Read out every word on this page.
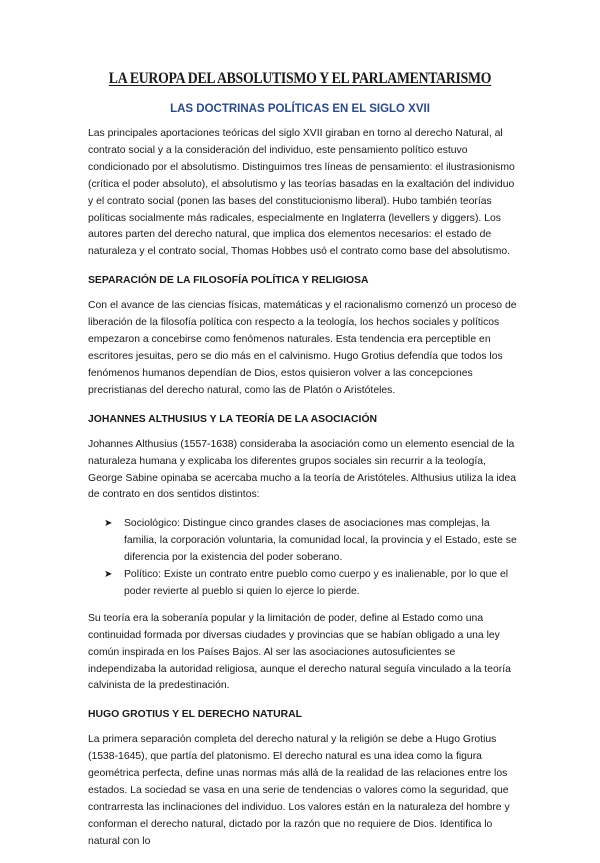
LA EUROPA DEL ABSOLUTISMO Y EL PARLAMENTARISMO
LAS DOCTRINAS POLÍTICAS EN EL SIGLO XVII

Las principales aportaciones teóricas del siglo XVII giraban en torno al derecho Natural, al contrato social y a la consideración del individuo, este pensamiento político estuvo condicionado por el absolutismo. Distinguimos tres líneas de pensamiento: el ilustrasionismo (crítica el poder absoluto), el absolutismo y las teorías basadas en la exaltación del individuo y el contrato social (ponen las bases del constitucionismo liberal). Hubo también teorías políticas socialmente más radicales, especialmente en Inglaterra (levellers y diggers). Los autores parten del derecho natural, que implica dos elementos necesarios: el estado de naturaleza y el contrato social, Thomas Hobbes usó el contrato como base del absolutismo.

SEPARACIÓN DE LA FILOSOFÍA POLÍTICA Y RELIGIOSA

Con el avance de las ciencias físicas, matemáticas y el racionalismo comenzó un proceso de liberación de la filosofía política con respecto a la teología, los hechos sociales y políticos empezaron a concebirse como fenómenos naturales. Esta tendencia era perceptible en escritores jesuitas, pero se dio más en el calvinismo. Hugo Grotius defendía que todos los fenómenos humanos dependían de Dios, estos quisieron volver a las concepciones precristianas del derecho natural, como las de Platón o Aristóteles.

JOHANNES ALTHUSIUS Y LA TEORÍA DE LA ASOCIACIÓN

Johannes Althusius (1557-1638) consideraba la asociación como un elemento esencial de la naturaleza humana y explicaba los diferentes grupos sociales sin recurrir a la teología, George Sabine opinaba se acercaba mucho a la teoría de Aristóteles. Althusius utiliza la idea de contrato en dos sentidos distintos:

➤ Sociológico: Distingue cinco grandes clases de asociaciones mas complejas, la familia, la corporación voluntaria, la comunidad local, la provincia y el Estado, este se diferencia por la existencia del poder soberano.
➤ Político: Existe un contrato entre pueblo como cuerpo y es inalienable, por lo que el poder revierte al pueblo si quien lo ejerce lo pierde.

Su teoría era la soberanía popular y la limitación de poder, define al Estado como una continuidad formada por diversas ciudades y provincias que se habían obligado a una ley común inspirada en los Países Bajos. Al ser las asociaciones autosuficientes se independizaba la autoridad religiosa, aunque el derecho natural seguía vinculado a la teoría calvinista de la predestinación.

HUGO GROTIUS Y EL DERECHO NATURAL

La primera separación completa del derecho natural y la religión se debe a Hugo Grotius (1538-1645), que partía del platonismo. El derecho natural es una idea como la figura geométrica perfecta, define unas normas más allá de la realidad de las relaciones entre los estados. La sociedad se vasa en una serie de tendencias o valores como la seguridad, que contrarresta las inclinaciones del individuo. Los valores están en la naturaleza del hombre y conforman el derecho natural, dictado por la razón que no requiere de Dios. Identifica lo natural con lo
